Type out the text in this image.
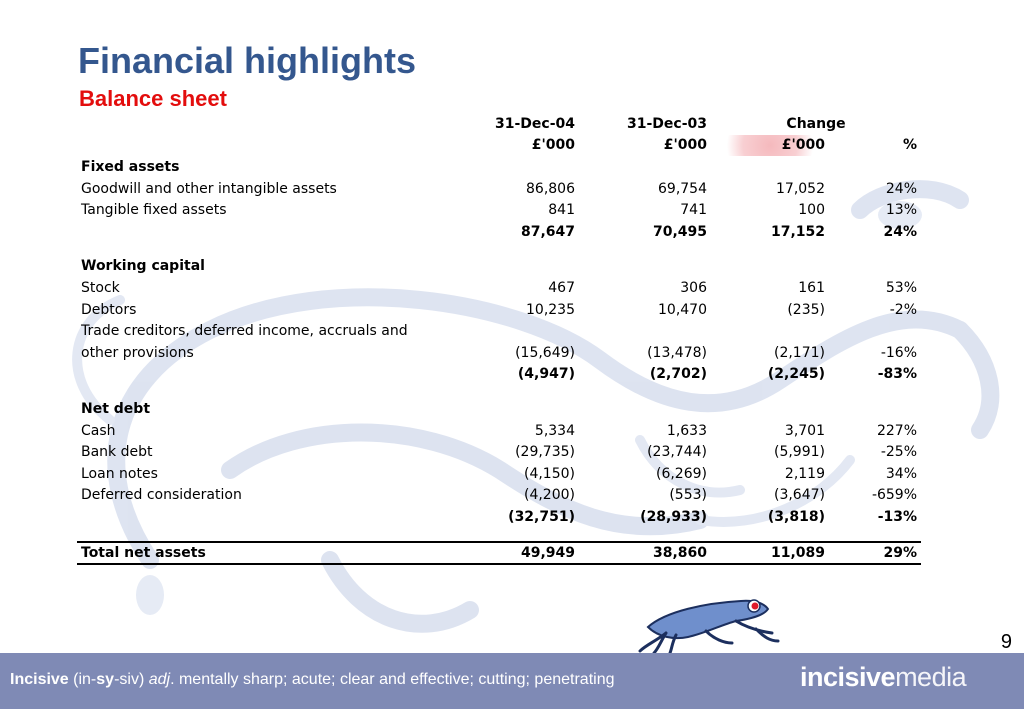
Financial highlights
Balance sheet
	31-Dec-04	31-Dec-03	Change	
	£'000	£'000	£'000	%
Fixed assets				
Goodwill and other intangible assets	86,806	69,754	17,052	24%
Tangible fixed assets	841	741	100	13%
	87,647	70,495	17,152	24%

Working capital				
Stock	467	306	161	53%
Debtors	10,235	10,470	(235)	-2%
Trade creditors, deferred income, accruals and				
other provisions	(15,649)	(13,478)	(2,171)	-16%
	(4,947)	(2,702)	(2,245)	-83%

Net debt				
Cash	5,334	1,633	3,701	227%
Bank debt	(29,735)	(23,744)	(5,991)	-25%
Loan notes	(4,150)	(6,269)	2,119	34%
Deferred consideration	(4,200)	(553)	(3,647)	-659%
	(32,751)	(28,933)	(3,818)	-13%

Total net assets	49,949	38,860	11,089	29%
9
Incisive (in-sy-siv) adj. mentally sharp; acute; clear and effective; cutting; penetrating	incisivemedia
